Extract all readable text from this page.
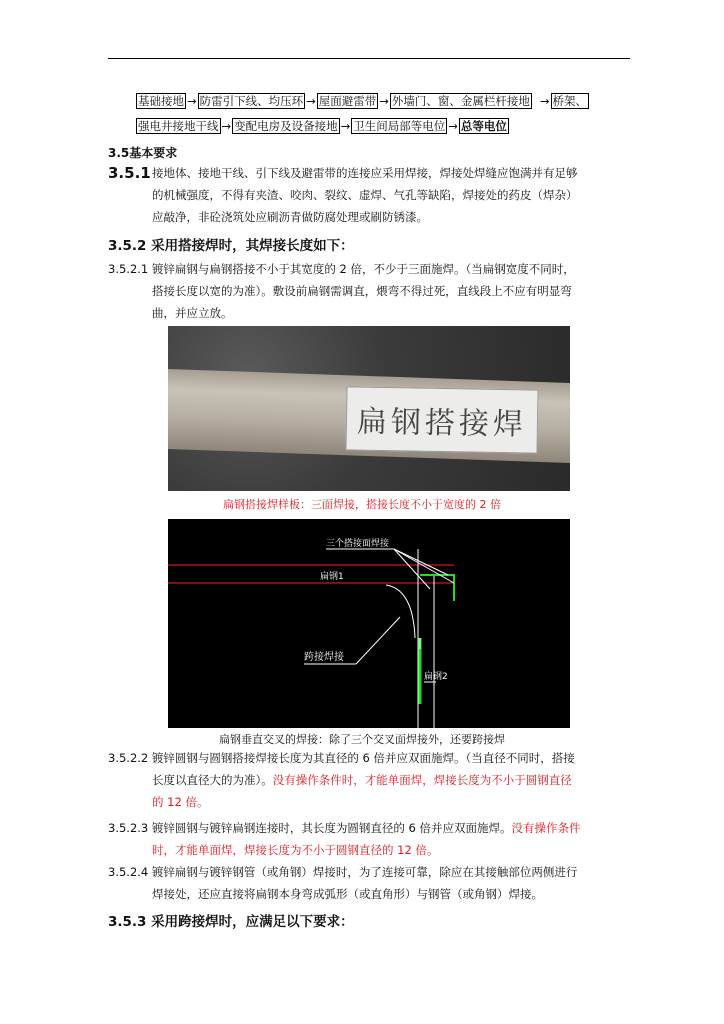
基础接地 → 防雷引下线、均压环 → 屋面避雷带 → 外墙门、窗、金属栏杆接地 → 桥架、
强电井接地干线 → 变配电房及设备接地 → 卫生间局部等电位 → 总等电位
3.5基本要求
3.5.1 接地体、接地干线、引下线及避雷带的连接应采用焊接，焊接处焊缝应饱满并有足够
的机械强度，不得有夹渣、咬肉、裂纹、虚焊、气孔等缺陷，焊接处的药皮（焊杂）
应敲净，非砼浇筑处应刷沥青做防腐处理或刷防锈漆。
3.5.2 采用搭接焊时，其焊接长度如下：
3.5.2.1 镀锌扁钢与扁钢搭接不小于其宽度的 2 倍，不少于三面施焊。（当扁钢宽度不同时，
搭接长度以宽的为准）。敷设前扁钢需调直，煨弯不得过死，直线段上不应有明显弯
曲，并应立放。
扁钢搭接焊
扁钢搭接焊样板：三面焊接，搭接长度不小于宽度的 2 倍
三个搭接面焊接
扁钢1
跨接焊接
扁钢2
扁钢垂直交叉的焊接：除了三个交叉面焊接外，还要跨接焊
3.5.2.2 镀锌圆钢与圆钢搭接焊接长度为其直径的 6 倍并应双面施焊。（当直径不同时，搭接
长度以直径大的为准）。没有操作条件时，才能单面焊，焊接长度为不小于圆钢直径
的 12 倍。
3.5.2.3 镀锌圆钢与镀锌扁钢连接时，其长度为圆钢直径的 6 倍并应双面施焊。没有操作条件
时，才能单面焊，焊接长度为不小于圆钢直径的 12 倍。
3.5.2.4 镀锌扁钢与镀锌钢管（或角钢）焊接时，为了连接可靠，除应在其接触部位两侧进行
焊接处，还应直接将扁钢本身弯成弧形（或直角形）与钢管（或角钢）焊接。
3.5.3 采用跨接焊时，应满足以下要求：
